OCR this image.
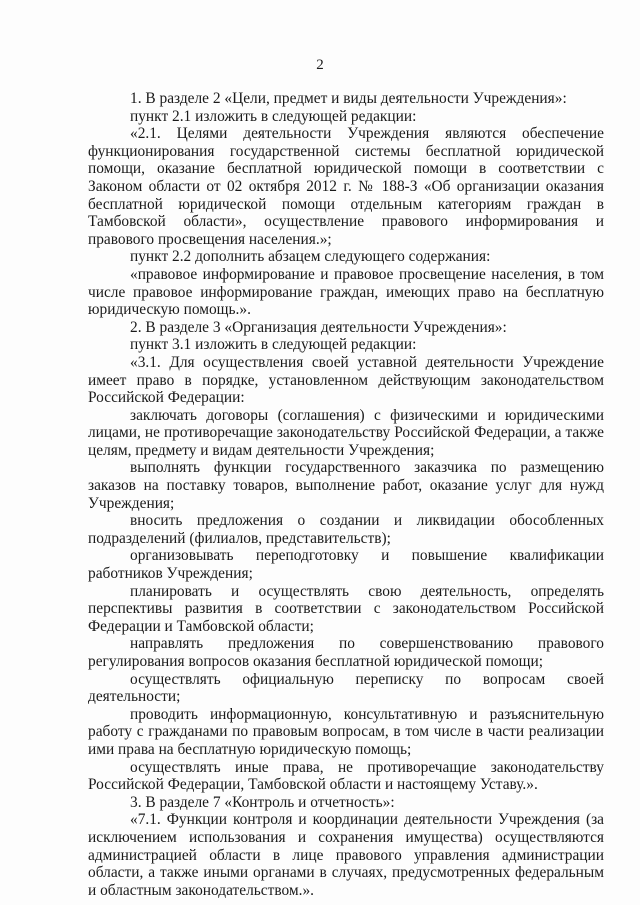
2

1. В разделе 2 «Цели, предмет и виды деятельности Учреждения»:

пункт 2.1 изложить в следующей редакции:

«2.1. Целями деятельности Учреждения являются обеспечение функционирования государственной системы бесплатной юридической помощи, оказание бесплатной юридической помощи в соответствии с Законом области от 02 октября 2012 г. № 188-З «Об организации оказания бесплатной юридической помощи отдельным категориям граждан в Тамбовской области», осуществление правового информирования и правового просвещения населения.»;

пункт 2.2 дополнить абзацем следующего содержания:

«правовое информирование и правовое просвещение населения, в том числе правовое информирование граждан, имеющих право на бесплатную юридическую помощь.».

2. В разделе 3 «Организация деятельности Учреждения»:

пункт 3.1 изложить в следующей редакции:

«3.1. Для осуществления своей уставной деятельности Учреждение имеет право в порядке, установленном действующим законодательством Российской Федерации:

заключать договоры (соглашения) с физическими и юридическими лицами, не противоречащие законодательству Российской Федерации, а также целям, предмету и видам деятельности Учреждения;

выполнять функции государственного заказчика по размещению заказов на поставку товаров, выполнение работ, оказание услуг для нужд Учреждения;

вносить предложения о создании и ликвидации обособленных подразделений (филиалов, представительств);

организовывать переподготовку и повышение квалификации работников Учреждения;

планировать и осуществлять свою деятельность, определять перспективы развития в соответствии с законодательством Российской Федерации и Тамбовской области;

направлять предложения по совершенствованию правового регулирования вопросов оказания бесплатной юридической помощи;

осуществлять официальную переписку по вопросам своей деятельности;

проводить информационную, консультативную и разъяснительную работу с гражданами по правовым вопросам, в том числе в части реализации ими права на бесплатную юридическую помощь;

осуществлять иные права, не противоречащие законодательству Российской Федерации, Тамбовской области и настоящему Уставу.».

3. В разделе 7 «Контроль и отчетность»:

«7.1. Функции контроля и координации деятельности Учреждения (за исключением использования и сохранения имущества) осуществляются администрацией области в лице правового управления администрации области, а также иными органами в случаях, предусмотренных федеральным и областным законодательством.».
